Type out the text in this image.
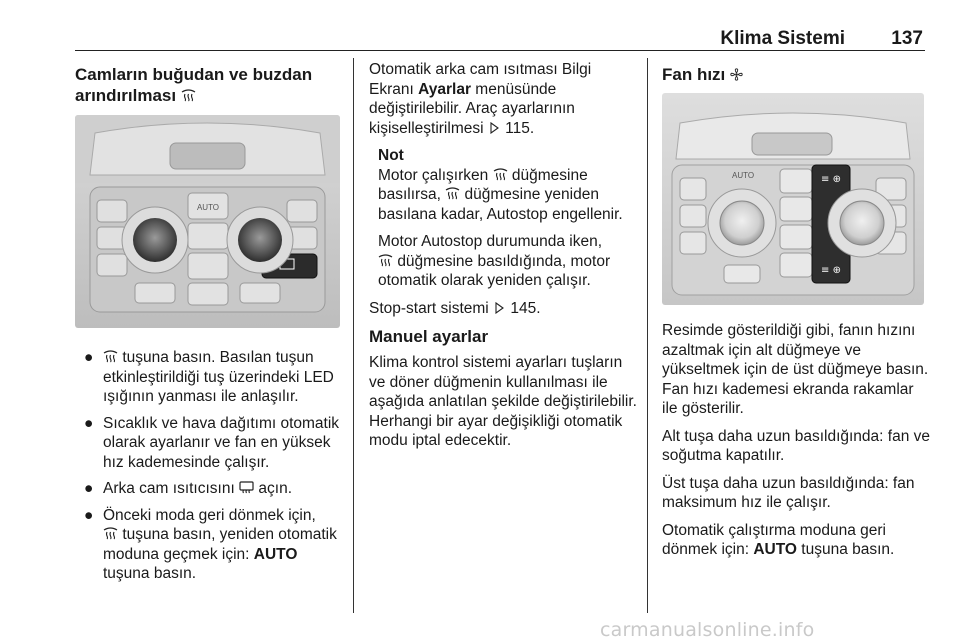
Klima Sistemi 137
Camların buğudan ve buzdan arındırılması
AUTO
● tuşuna basın. Basılan tuşun etkinleştirildiği tuş üzerindeki LED ışığının yanması ile anlaşılır.
● Sıcaklık ve hava dağıtımı otomatik olarak ayarlanır ve fan en yüksek hız kademesinde çalışır.
● Arka cam ısıtıcısını açın.
● Önceki moda geri dönmek için,

tuşuna basın, yeniden otomatik moduna geçmek için: AUTO tuşuna basın.

Otomatik arka cam ısıtması Bilgi Ekranı Ayarlar menüsünde değiştirilebilir. Araç ayarlarının kişiselleştirilmesi 115.

Not

Motor çalışırken düğmesine basılırsa, düğmesine yeniden basılana kadar, Autostop engellenir.

Motor Autostop durumunda iken,

düğmesine basıldığında, motor otomatik olarak yeniden çalışır.

Stop-start sistemi 145.

Manuel ayarlar

Klima kontrol sistemi ayarları tuşların ve döner düğmenin kullanılması ile aşağıda anlatılan şekilde değiştirilebilir. Herhangi bir ayar değişikliği otomatik modu iptal edecektir.

Fan hızı
≡ ⊕
≡ ⊕
AUTO

Resimde gösterildiği gibi, fanın hızını azaltmak için alt düğmeye ve yükseltmek için de üst düğmeye basın. Fan hızı kademesi ekranda rakamlar ile gösterilir.

Alt tuşa daha uzun basıldığında: fan ve soğutma kapatılır.

Üst tuşa daha uzun basıldığında: fan maksimum hız ile çalışır.

Otomatik çalıştırma moduna geri dönmek için: AUTO tuşuna basın.

carmanualsonline.info
